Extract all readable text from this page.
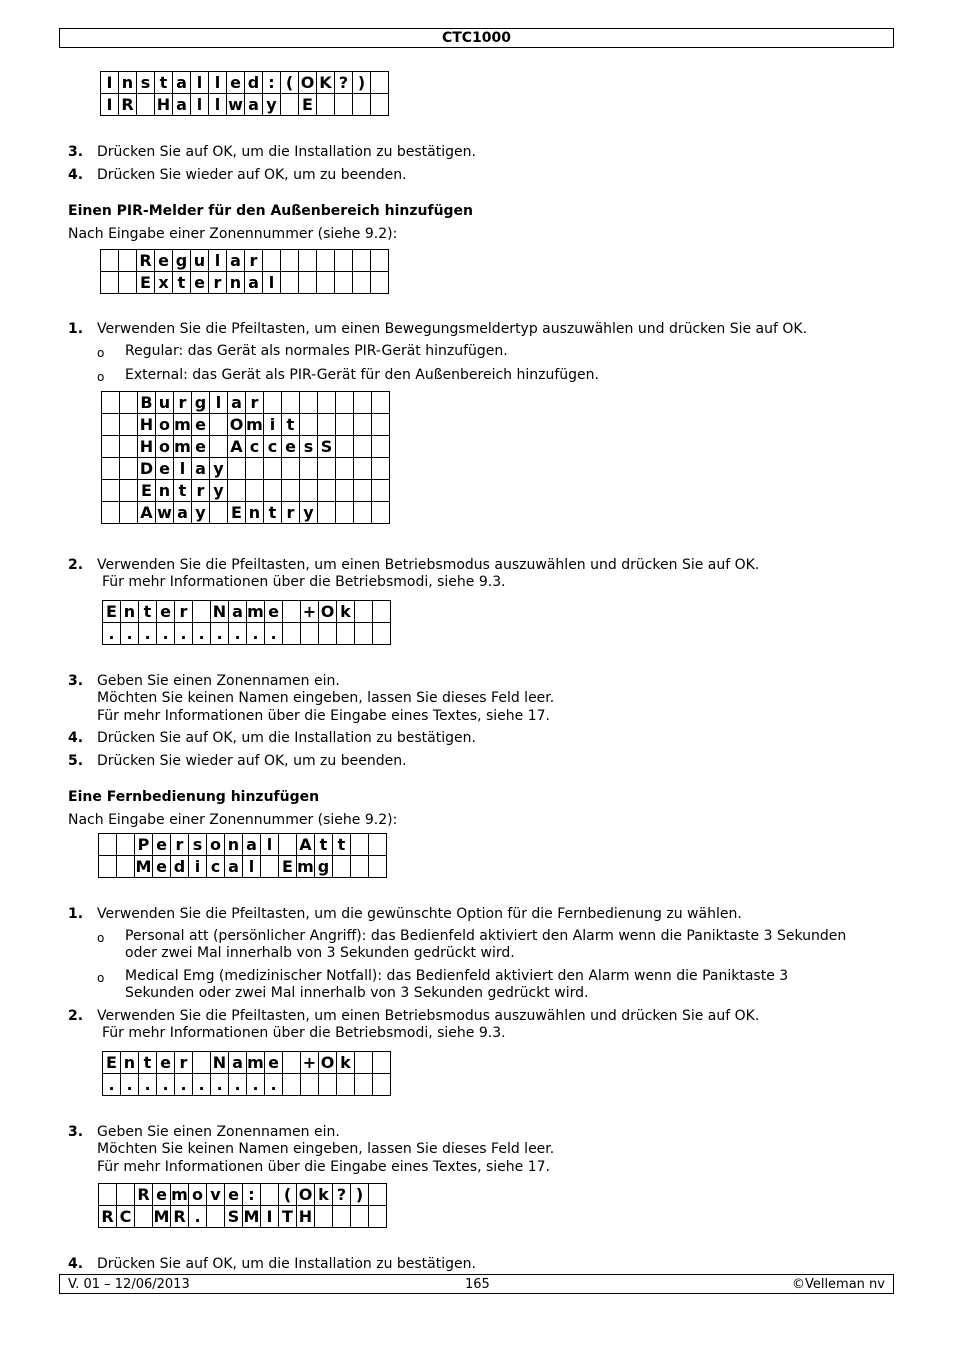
CTC1000
I	n	s	t	a	l	l	e	d	:	(	O	K	?	)	
I	R		H	a	l	l	w	a	y		E				
3. Drücken Sie auf OK, um die Installation zu bestätigen.
4. Drücken Sie wieder auf OK, um zu beenden.
Einen PIR-Melder für den Außenbereich hinzufügen
Nach Eingabe einer Zonennummer (siehe 9.2):
		R	e	g	u	l	a	r							
		E	x	t	e	r	n	a	l						
1. Verwenden Sie die Pfeiltasten, um einen Bewegungsmeldertyp auszuwählen und drücken Sie auf OK.
o Regular: das Gerät als normales PIR-Gerät hinzufügen.
o External: das Gerät als PIR-Gerät für den Außenbereich hinzufügen.
		B	u	r	g	l	a	r							
		H	o	m	e		O	m	i	t					
		H	o	m	e		A	c	c	e	s	S			
		D	e	l	a	y									
		E	n	t	r	y									
		A	w	a	y		E	n	t	r	y				
2. Verwenden Sie die Pfeiltasten, um einen Betriebsmodus auszuwählen und drücken Sie auf OK.
Für mehr Informationen über die Betriebsmodi, siehe 9.3.
E	n	t	e	r		N	a	m	e		+	O	k		
.	.	.	.	.	.	.	.	.	.						
3. Geben Sie einen Zonennamen ein.
Möchten Sie keinen Namen eingeben, lassen Sie dieses Feld leer.
Für mehr Informationen über die Eingabe eines Textes, siehe 17.
4. Drücken Sie auf OK, um die Installation zu bestätigen.
5. Drücken Sie wieder auf OK, um zu beenden.
Eine Fernbedienung hinzufügen
Nach Eingabe einer Zonennummer (siehe 9.2):
		P	e	r	s	o	n	a	l		A	t	t		
		M	e	d	i	c	a	l		E	m	g			
1. Verwenden Sie die Pfeiltasten, um die gewünschte Option für die Fernbedienung zu wählen.
o Personal att (persönlicher Angriff): das Bedienfeld aktiviert den Alarm wenn die Paniktaste 3 Sekunden
oder zwei Mal innerhalb von 3 Sekunden gedrückt wird.
o Medical Emg (medizinischer Notfall): das Bedienfeld aktiviert den Alarm wenn die Paniktaste 3
Sekunden oder zwei Mal innerhalb von 3 Sekunden gedrückt wird.
2. Verwenden Sie die Pfeiltasten, um einen Betriebsmodus auszuwählen und drücken Sie auf OK.
Für mehr Informationen über die Betriebsmodi, siehe 9.3.
E	n	t	e	r		N	a	m	e		+	O	k		
.	.	.	.	.	.	.	.	.	.						
3. Geben Sie einen Zonennamen ein.
Möchten Sie keinen Namen eingeben, lassen Sie dieses Feld leer.
Für mehr Informationen über die Eingabe eines Textes, siehe 17.
		R	e	m	o	v	e	:		(	O	k	?	)	
R	C		M	R	.		S	M	I	T	H				
4. Drücken Sie auf OK, um die Installation zu bestätigen.
V. 01 – 12/06/2013	165	©Velleman nv
